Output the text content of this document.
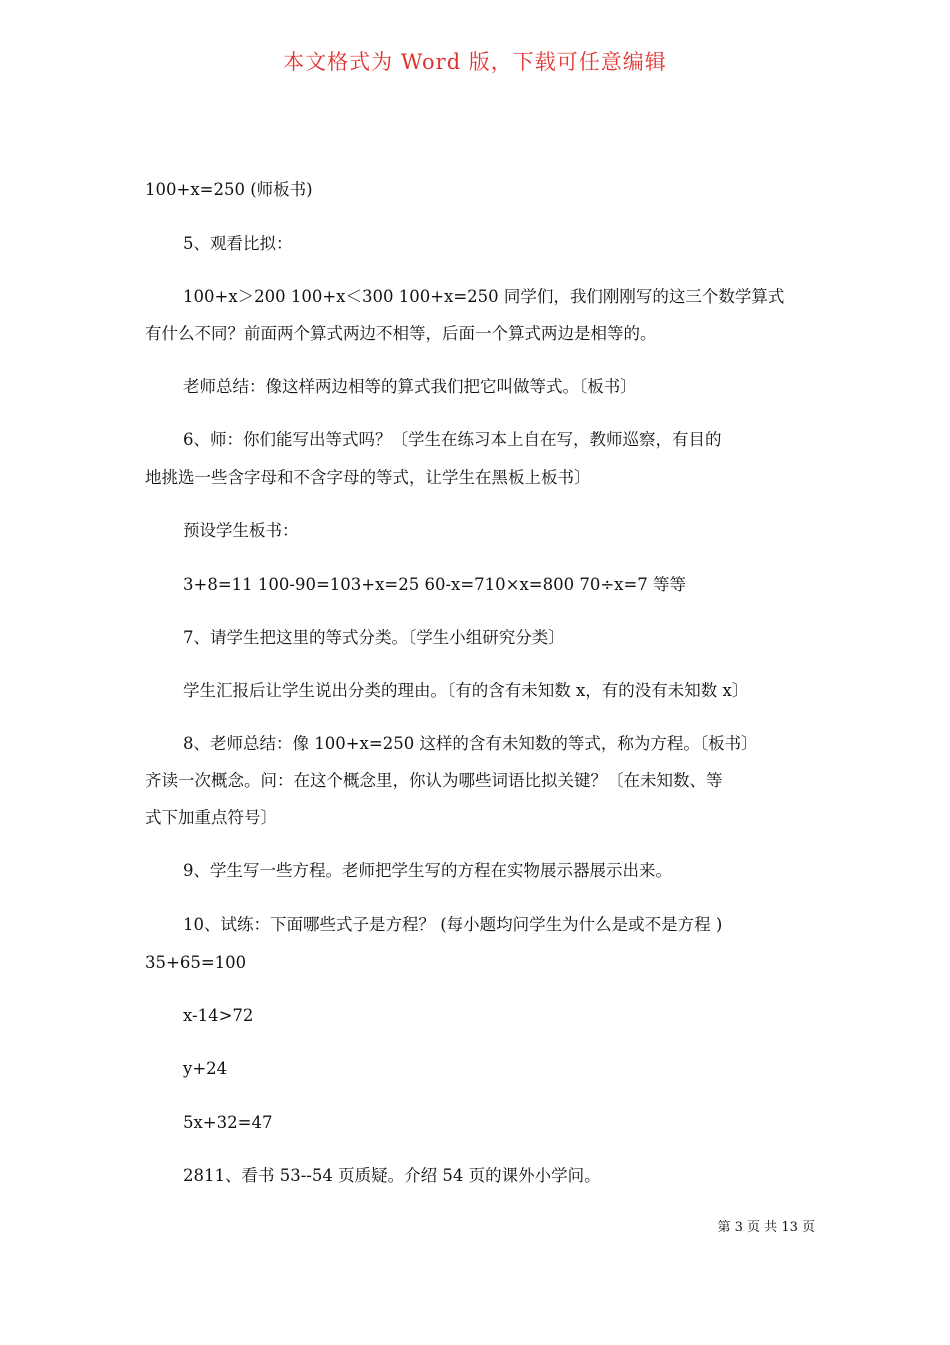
本文格式为 Word 版，下载可任意编辑
100+x=250 (师板书)
5、观看比拟：
100+x＞200 100+x＜300 100+x=250 同学们，我们刚刚写的这三个数学算式
有什么不同？前面两个算式两边不相等，后面一个算式两边是相等的。
老师总结：像这样两边相等的算式我们把它叫做等式。〔板书〕
6、师：你们能写出等式吗？〔学生在练习本上自在写，教师巡察，有目的
地挑选一些含字母和不含字母的等式，让学生在黑板上板书〕
预设学生板书：
3+8=11 100-90=103+x=25 60-x=710×x=800 70÷x=7 等等
7、请学生把这里的等式分类。〔学生小组研究分类〕
学生汇报后让学生说出分类的理由。〔有的含有未知数 x，有的没有未知数 x〕
8、老师总结：像 100+x=250 这样的含有未知数的等式，称为方程。〔板书〕
齐读一次概念。问：在这个概念里，你认为哪些词语比拟关键？〔在未知数、等
式下加重点符号〕
9、学生写一些方程。老师把学生写的方程在实物展示器展示出来。
10、试练：下面哪些式子是方程？ (每小题均问学生为什么是或不是方程 )
35+65=100
x-14>72
y+24
5x+32=47
2811、看书 53--54 页质疑。介绍 54 页的课外小学问。
第 3 页 共 13 页
